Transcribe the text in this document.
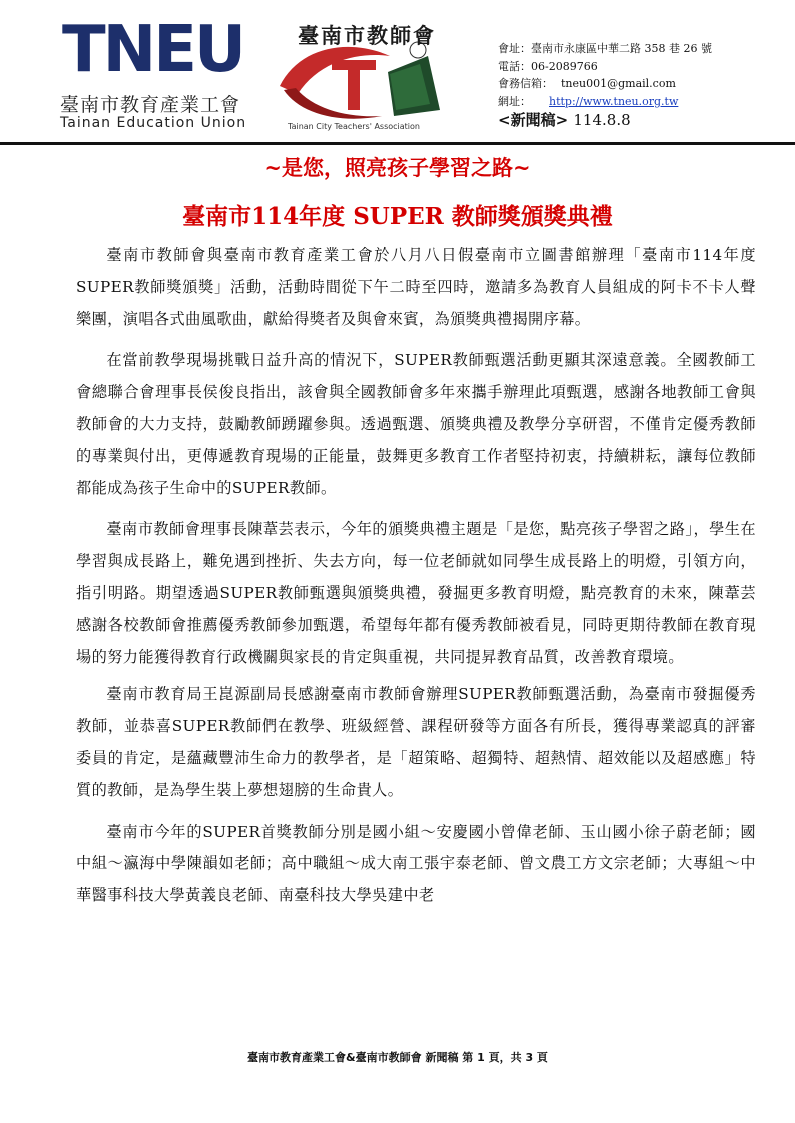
TNEU
臺南市教育產業工會
Tainan Education Union
臺南市教師會
Tainan City Teachers' Association
會址：臺南市永康區中華二路 358 巷 26 號
電話：06-2089766
會務信箱： tneu001@gmail.com
網址： http://www.tneu.org.tw
<新聞稿> 114.8.8
~是您，照亮孩子學習之路~
臺南市114年度 SUPER 教師獎頒獎典禮

臺南市教師會與臺南市教育產業工會於八月八日假臺南市立圖書館辦理「臺南市114年度SUPER教師獎頒獎」活動，活動時間從下午二時至四時，邀請多為教育人員組成的阿卡不卡人聲樂團，演唱各式曲風歌曲，獻給得獎者及與會來賓，為頒獎典禮揭開序幕。

在當前教學現場挑戰日益升高的情況下，SUPER教師甄選活動更顯其深遠意義。全國教師工會總聯合會理事長侯俊良指出，該會與全國教師會多年來攜手辦理此項甄選，感謝各地教師工會與教師會的大力支持，鼓勵教師踴躍參與。透過甄選、頒獎典禮及教學分享研習，不僅肯定優秀教師的專業與付出，更傳遞教育現場的正能量，鼓舞更多教育工作者堅持初衷，持續耕耘，讓每位教師都能成為孩子生命中的SUPER教師。

臺南市教師會理事長陳葦芸表示，今年的頒獎典禮主題是「是您，點亮孩子學習之路」，學生在學習與成長路上，難免遇到挫折、失去方向，每一位老師就如同學生成長路上的明燈，引領方向，指引明路。期望透過SUPER教師甄選與頒獎典禮，發掘更多教育明燈，點亮教育的未來，陳葦芸感謝各校教師會推薦優秀教師參加甄選，希望每年都有優秀教師被看見，同時更期待教師在教育現場的努力能獲得教育行政機關與家長的肯定與重視，共同提昇教育品質，改善教育環境。

臺南市教育局王崑源副局長感謝臺南市教師會辦理SUPER教師甄選活動，為臺南市發掘優秀教師，並恭喜SUPER教師們在教學、班級經營、課程研發等方面各有所長，獲得專業認真的評審委員的肯定，是蘊藏豐沛生命力的教學者，是「超策略、超獨特、超熱情、超效能以及超感應」特質的教師，是為學生裝上夢想翅膀的生命貴人。

臺南市今年的SUPER首獎教師分別是國小組～安慶國小曾偉老師、玉山國小徐子蔚老師；國中組～瀛海中學陳韻如老師；高中職組～成大南工張宇泰老師、曾文農工方文宗老師；大專組～中華醫事科技大學黃義良老師、南臺科技大學吳建中老

臺南市教育產業工會&臺南市教師會 新聞稿 第 1 頁，共 3 頁
